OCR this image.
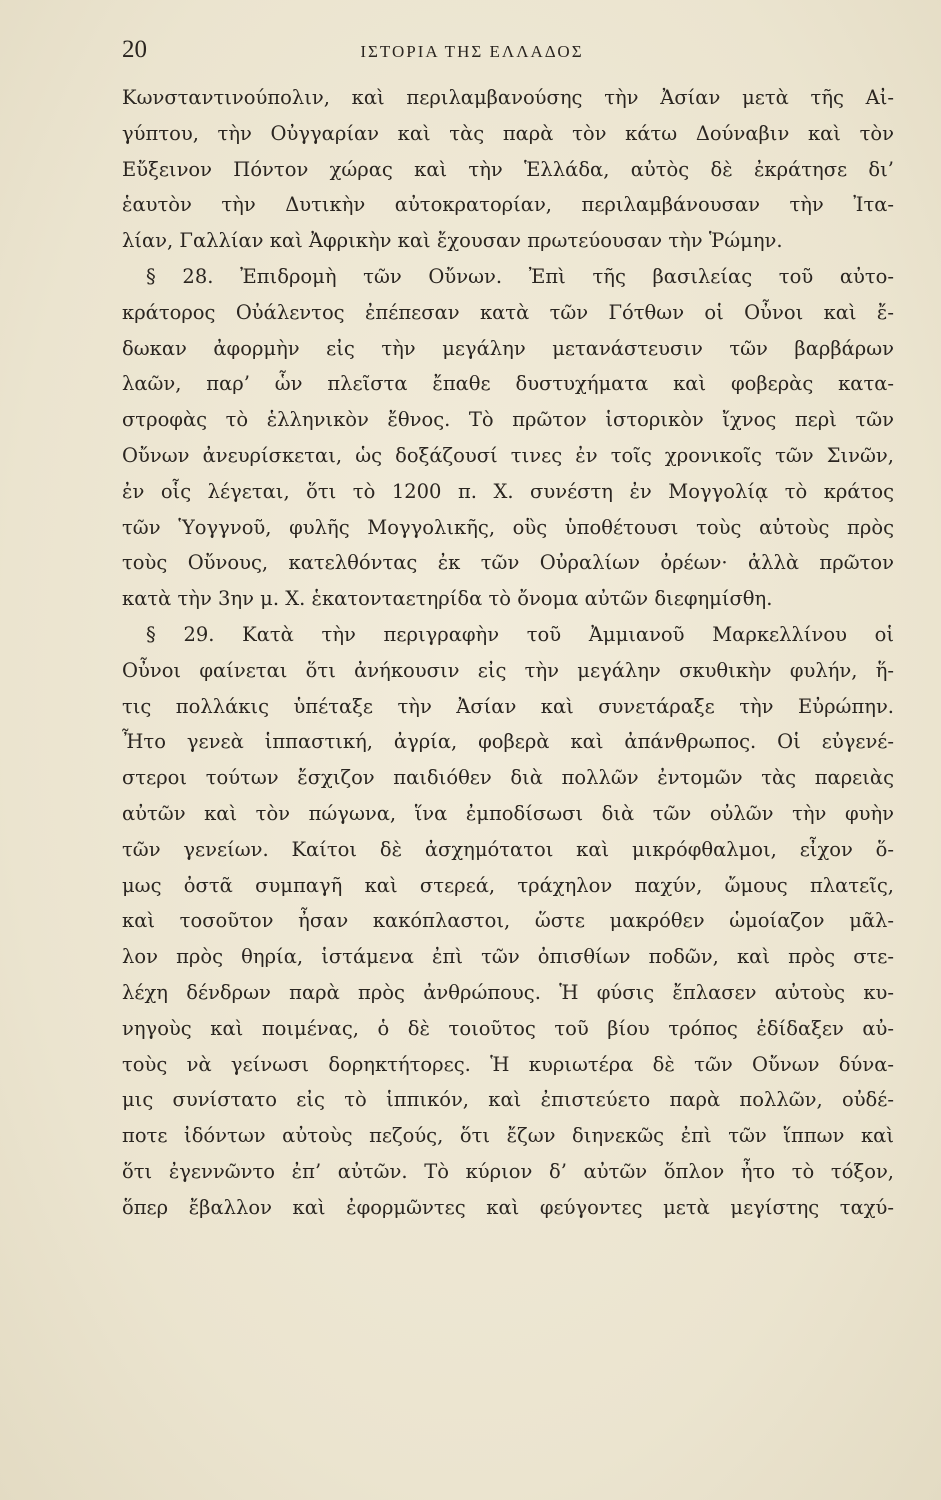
20	ΙΣΤΟΡΙΑ ΤΗΣ ΕΛΛΑΔΟΣ
Κωνσταντινούπολιν, καὶ περιλαμβανούσης τὴν Ἀσίαν μετὰ τῆς Αἰ-
γύπτου, τὴν Οὐγγαρίαν καὶ τὰς παρὰ τὸν κάτω Δούναβιν καὶ τὸν
Εὔξεινον Πόντον χώρας καὶ τὴν Ἑλλάδα, αὐτὸς δὲ ἐκράτησε δι’
ἑαυτὸν τὴν Δυτικὴν αὐτοκρατορίαν, περιλαμβάνουσαν τὴν Ἰτα-
λίαν, Γαλλίαν καὶ Ἀφρικὴν καὶ ἔχουσαν πρωτεύουσαν τὴν Ῥώμην.
§ 28. Ἐπιδρομὴ τῶν Οὔνων. Ἐπὶ τῆς βασιλείας τοῦ αὐτο-
κράτορος Οὐάλεντος ἐπέπεσαν κατὰ τῶν Γότθων οἱ Οὖνοι καὶ ἔ-
δωκαν ἀφορμὴν εἰς τὴν μεγάλην μετανάστευσιν τῶν βαρβάρων
λαῶν, παρ’ ὧν πλεῖστα ἔπαθε δυστυχήματα καὶ φοβερὰς κατα-
στροφὰς τὸ ἑλληνικὸν ἔθνος. Τὸ πρῶτον ἱστορικὸν ἴχνος περὶ τῶν
Οὔνων ἀνευρίσκεται, ὡς δοξάζουσί τινες ἐν τοῖς χρονικοῖς τῶν Σινῶν,
ἐν οἷς λέγεται, ὅτι τὸ 1200 π. Χ. συνέστη ἐν Μογγολίᾳ τὸ κράτος
τῶν Ὑογγνοῦ, φυλῆς Μογγολικῆς, οὓς ὑποθέτουσι τοὺς αὐτοὺς πρὸς
τοὺς Οὔνους, κατελθόντας ἐκ τῶν Οὐραλίων ὀρέων· ἀλλὰ πρῶτον
κατὰ τὴν 3ην μ. Χ. ἑκατονταετηρίδα τὸ ὄνομα αὐτῶν διεφημίσθη.
§ 29. Κατὰ τὴν περιγραφὴν τοῦ Ἀμμιανοῦ Μαρκελλίνου οἱ
Οὖνοι φαίνεται ὅτι ἀνήκουσιν εἰς τὴν μεγάλην σκυθικὴν φυλήν, ἥ-
τις πολλάκις ὑπέταξε τὴν Ἀσίαν καὶ συνετάραξε τὴν Εὐρώπην.
Ἦτο γενεὰ ἱππαστική, ἀγρία, φοβερὰ καὶ ἀπάνθρωπος. Οἱ εὐγενέ-
στεροι τούτων ἔσχιζον παιδιόθεν διὰ πολλῶν ἐντομῶν τὰς παρειὰς
αὐτῶν καὶ τὸν πώγωνα, ἵνα ἐμποδίσωσι διὰ τῶν οὐλῶν τὴν φυὴν
τῶν γενείων. Καίτοι δὲ ἀσχημότατοι καὶ μικρόφθαλμοι, εἶχον ὅ-
μως ὀστᾶ συμπαγῆ καὶ στερεά, τράχηλον παχύν, ὤμους πλατεῖς,
καὶ τοσοῦτον ἦσαν κακόπλαστοι, ὥστε μακρόθεν ὡμοίαζον μᾶλ-
λον πρὸς θηρία, ἱστάμενα ἐπὶ τῶν ὀπισθίων ποδῶν, καὶ πρὸς στε-
λέχη δένδρων παρὰ πρὸς ἀνθρώπους. Ἡ φύσις ἔπλασεν αὐτοὺς κυ-
νηγοὺς καὶ ποιμένας, ὁ δὲ τοιοῦτος τοῦ βίου τρόπος ἐδίδαξεν αὐ-
τοὺς νὰ γείνωσι δορηκτήτορες. Ἡ κυριωτέρα δὲ τῶν Οὔνων δύνα-
μις συνίστατο εἰς τὸ ἱππικόν, καὶ ἐπιστεύετο παρὰ πολλῶν, οὐδέ-
ποτε ἰδόντων αὐτοὺς πεζούς, ὅτι ἔζων διηνεκῶς ἐπὶ τῶν ἵππων καὶ
ὅτι ἐγεννῶντο ἐπ’ αὐτῶν. Τὸ κύριον δ’ αὐτῶν ὅπλον ἦτο τὸ τόξον,
ὅπερ ἔβαλλον καὶ ἐφορμῶντες καὶ φεύγοντες μετὰ μεγίστης ταχύ-
